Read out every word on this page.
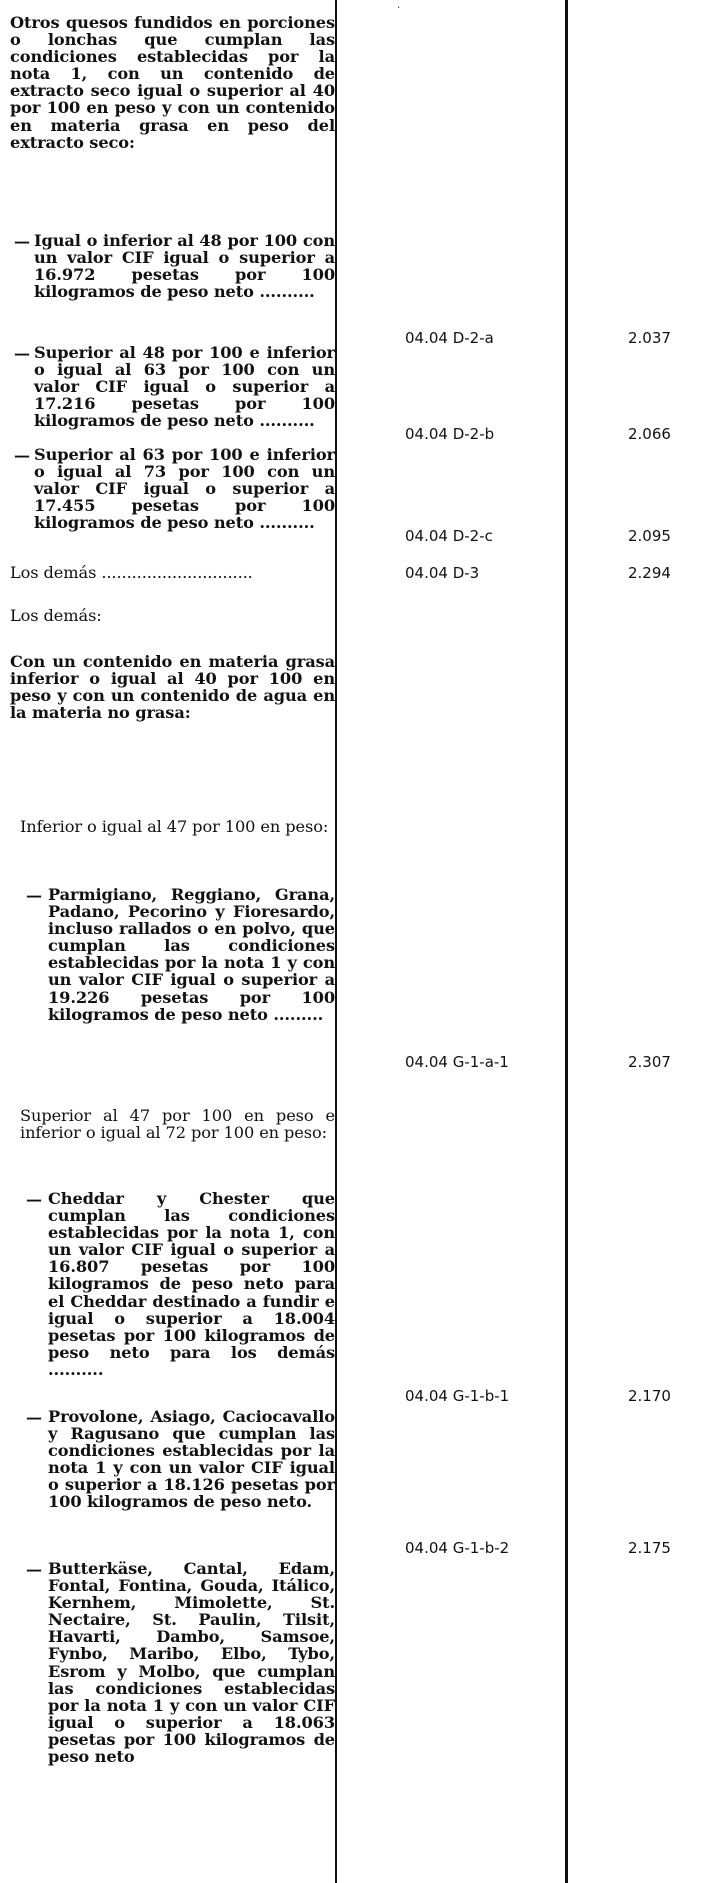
.
Otros quesos fundidos en porciones o lonchas que cumplan las condiciones establecidas por la nota 1, con un contenido de extracto seco igual o superior al 40 por 100 en peso y con un contenido en materia grasa en peso del extracto seco:
— Igual o inferior al 48 por 100 con un valor CIF igual o superior a 16.972 pesetas por 100 kilogramos de peso neto ..........
04.04 D-2-a	2.037
— Superior al 48 por 100 e inferior o igual al 63 por 100 con un valor CIF igual o superior a 17.216 pesetas por 100 kilogramos de peso neto ..........
04.04 D-2-b	2.066
— Superior al 63 por 100 e inferior o igual al 73 por 100 con un valor CIF igual o superior a 17.455 pesetas por 100 kilogramos de peso neto ..........
04.04 D-2-c	2.095
Los demás ..............................	04.04 D-3	2.294
Los demás:
Con un contenido en materia grasa inferior o igual al 40 por 100 en peso y con un contenido de agua en la materia no grasa:
Inferior o igual al 47 por 100 en peso:
— Parmigiano, Reggiano, Grana, Padano, Pecorino y Fioresardo, incluso rallados o en polvo, que cumplan las condiciones establecidas por la nota 1 y con un valor CIF igual o superior a 19.226 pesetas por 100 kilogramos de peso neto .........
04.04 G-1-a-1	2.307
Superior al 47 por 100 en peso e inferior o igual al 72 por 100 en peso:
— Cheddar y Chester que cumplan las condiciones establecidas por la nota 1, con un valor CIF igual o superior a 16.807 pesetas por 100 kilogramos de peso neto para el Cheddar destinado a fundir e igual o superior a 18.004 pesetas por 100 kilogramos de peso neto para los demás ..........
04.04 G-1-b-1	2.170
— Provolone, Asiago, Caciocavallo y Ragusano que cumplan las condiciones establecidas por la nota 1 y con un valor CIF igual o superior a 18.126 pesetas por 100 kilogramos de peso neto.
04.04 G-1-b-2	2.175
— Butterkäse, Cantal, Edam, Fontal, Fontina, Gouda, Itálico, Kernhem, Mimolette, St. Nectaire, St. Paulin, Tilsit, Havarti, Dambo, Samsoe, Fynbo, Maribo, Elbo, Tybo, Esrom y Molbo, que cumplan las condiciones establecidas por la nota 1 y con un valor CIF igual o superior a 18.063 pesetas por 100 kilogramos de peso neto
